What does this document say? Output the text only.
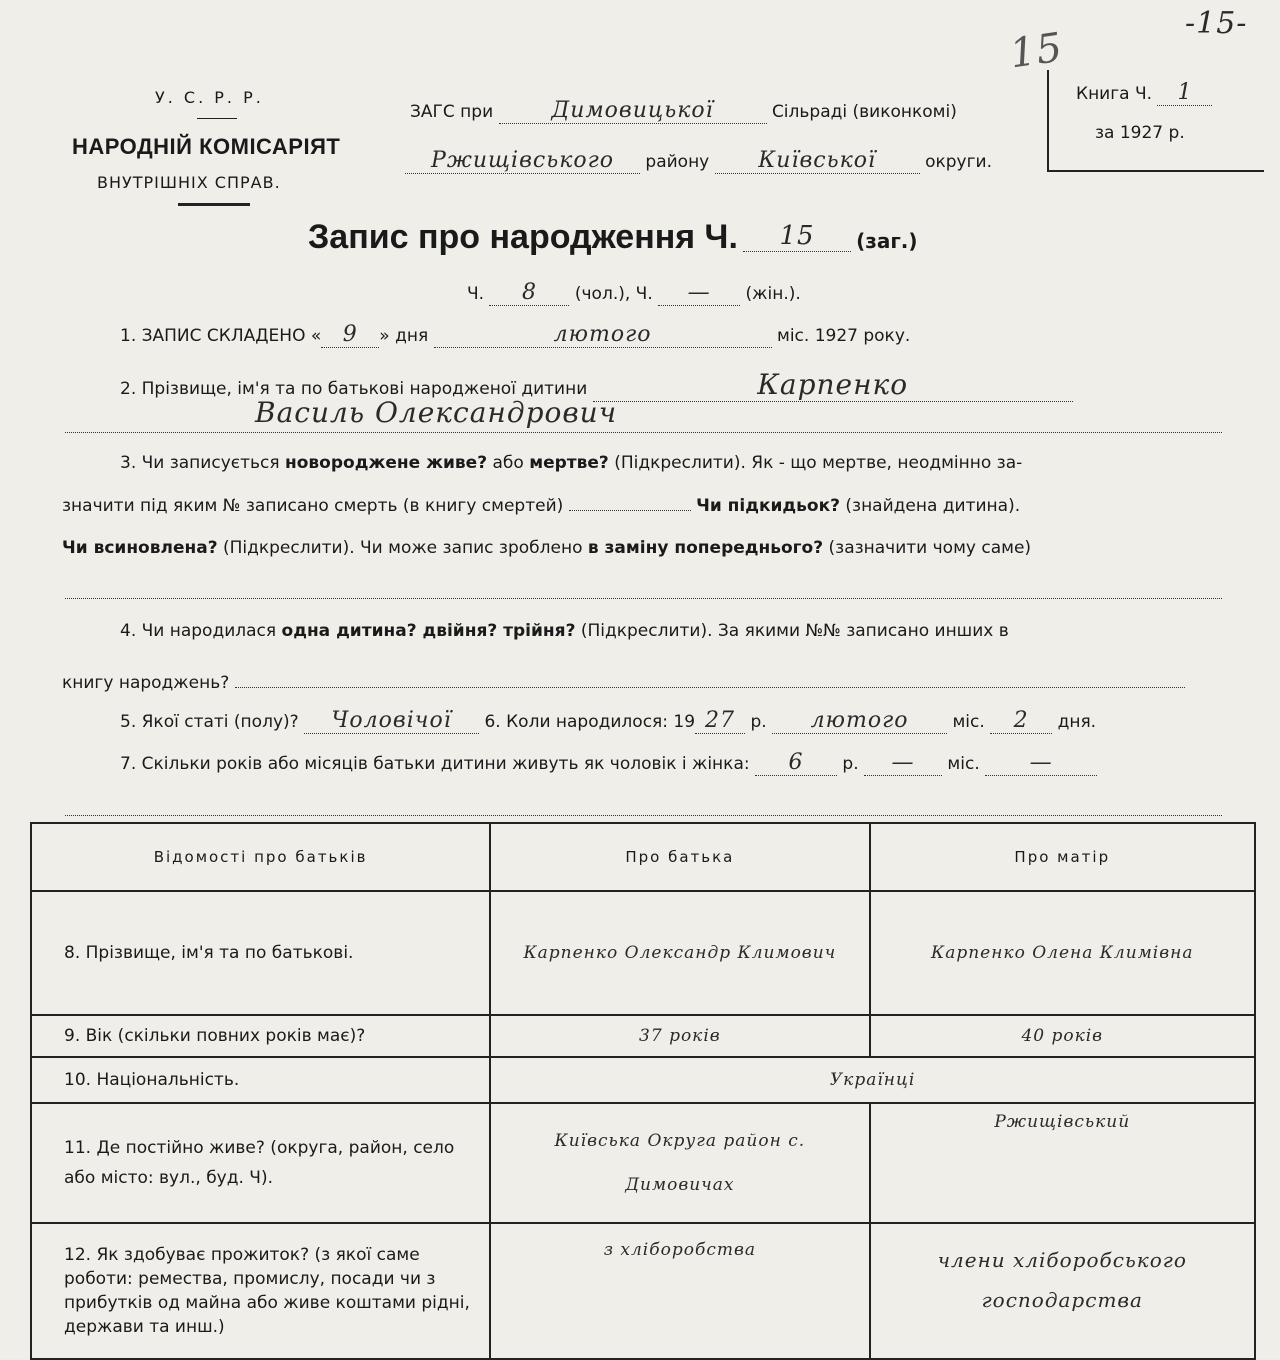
-15-
15
У. С. Р. Р.
НАРОДНІЙ КОМІСАРІЯТ
ВНУТРІШНІХ СПРАВ.
ЗАГС при	Димовицької	Сільраді (виконкомі)
Ржищівського району Київської	округи.
Книга Ч. 1
за 1927 р.
Запис про народження Ч. 15 (заг.)
Ч. 8 (чол.), Ч. — (жін.).
1. ЗАПИС СКЛАДЕНО « 9 » дня	лютого	міс. 1927 року.
2. Прізвище, ім'я та по батькові народженої дитини	Карпенко
Василь Олександрович
3. Чи записується новороджене живе? або мертве? (Підкреслити). Як - що мертве, неодмінно за-
значити під яким № записано смерть (в книгу смертей)	Чи підкидьок? (знайдена дитина).
Чи всиновлена? (Підкреслити). Чи може запис зроблено в заміну попереднього? (зазначити чому саме)
4. Чи народилася одна дитина? двійня? трійня? (Підкреслити). За якими №№ записано инших в
книгу народжень?
5. Якої статі (полу)? Чоловічої 6. Коли народилося: 19 27 р. лютого	міс. 2 дня.
7. Скільки років або місяців батьки дитини живуть як чоловік і жінка: 6 р. — міс. —
Відомості про батьків	Про батька	Про матір
8. Прізвище, ім'я та по батькові.	Карпенко Олександр Климович	Карпенко Олена Климівна
9. Вік (скільки повних років має)?	37 років	40 років
10. Національність.	Українці	
11. Де постійно живе? (округа, район, село або місто: вул., буд. Ч).	Київська Округа район с. Димовичах	Ржищівський
12. Як здобуває прожиток? (з якої саме роботи: ремества, промислу, посади чи з прибутків од майна або живе коштами рідні, держави та инш.)	з хліборобства	члени хліборобського господарства
